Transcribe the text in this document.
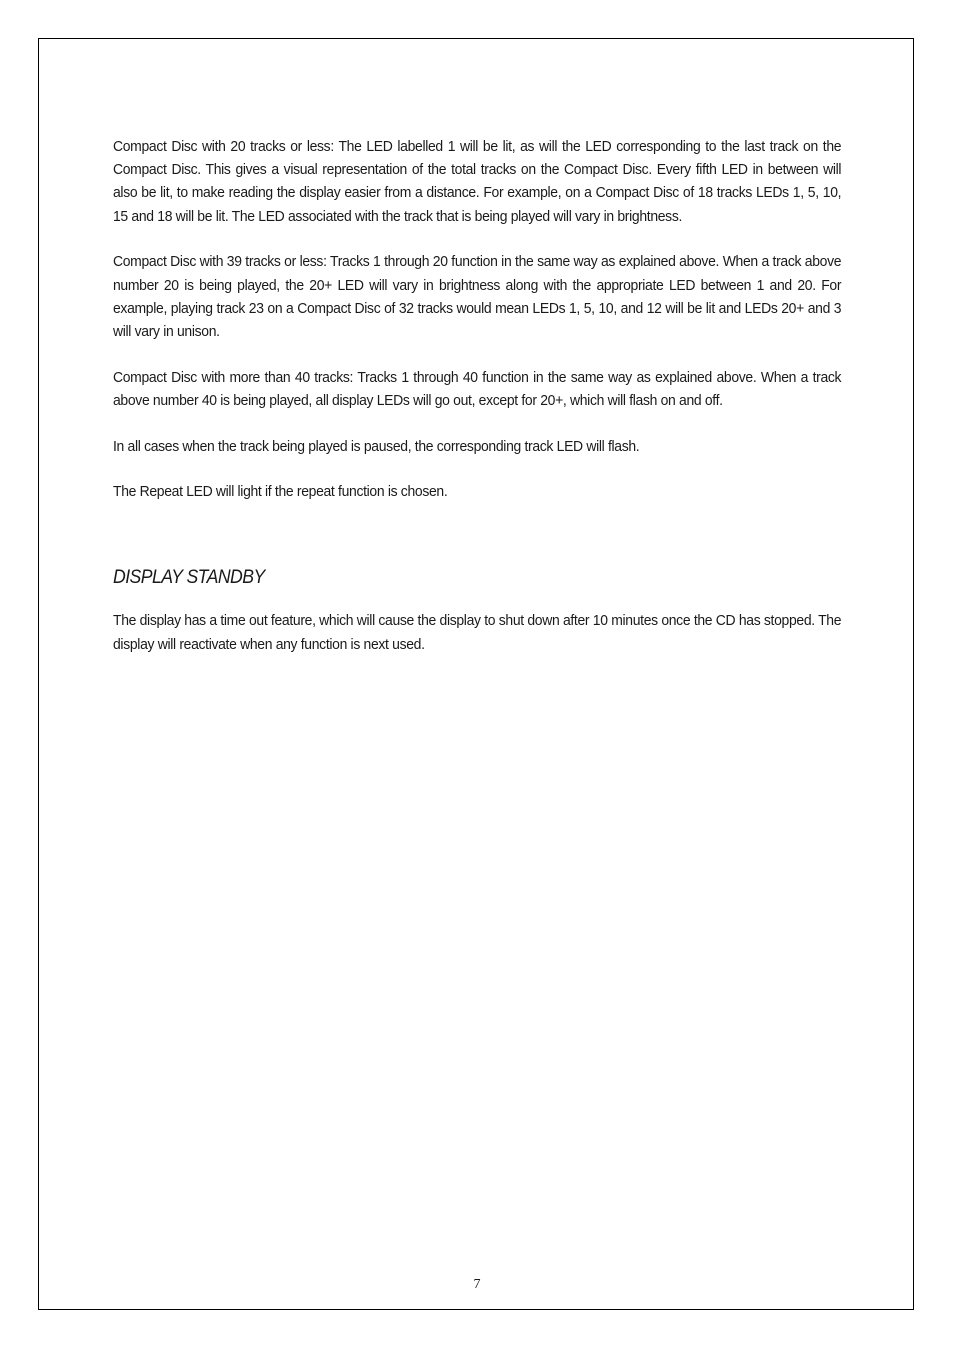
Compact Disc with 20 tracks or less: The LED labelled 1 will be lit, as will the LED corresponding to the last track on the Compact Disc. This gives a visual representation of the total tracks on the Compact Disc. Every fifth LED in between will also be lit, to make reading the display easier from a distance. For example, on a Compact Disc of 18 tracks LEDs 1, 5, 10, 15 and 18 will be lit. The LED associated with the track that is being played will vary in brightness.

Compact Disc with 39 tracks or less: Tracks 1 through 20 function in the same way as explained above. When a track above number 20 is being played, the 20+ LED will vary in brightness along with the appropriate LED between 1 and 20. For example, playing track 23 on a Compact Disc of 32 tracks would mean LEDs 1, 5, 10, and 12 will be lit and LEDs 20+ and 3 will vary in unison.

Compact Disc with more than 40 tracks: Tracks 1 through 40 function in the same way as explained above. When a track above number 40 is being played, all display LEDs will go out, except for 20+, which will flash on and off.

In all cases when the track being played is paused, the corresponding track LED will flash.

The Repeat LED will light if the repeat function is chosen.

DISPLAY STANDBY

The display has a time out feature, which will cause the display to shut down after 10 minutes once the CD has stopped. The display will reactivate when any function is next used.

7
